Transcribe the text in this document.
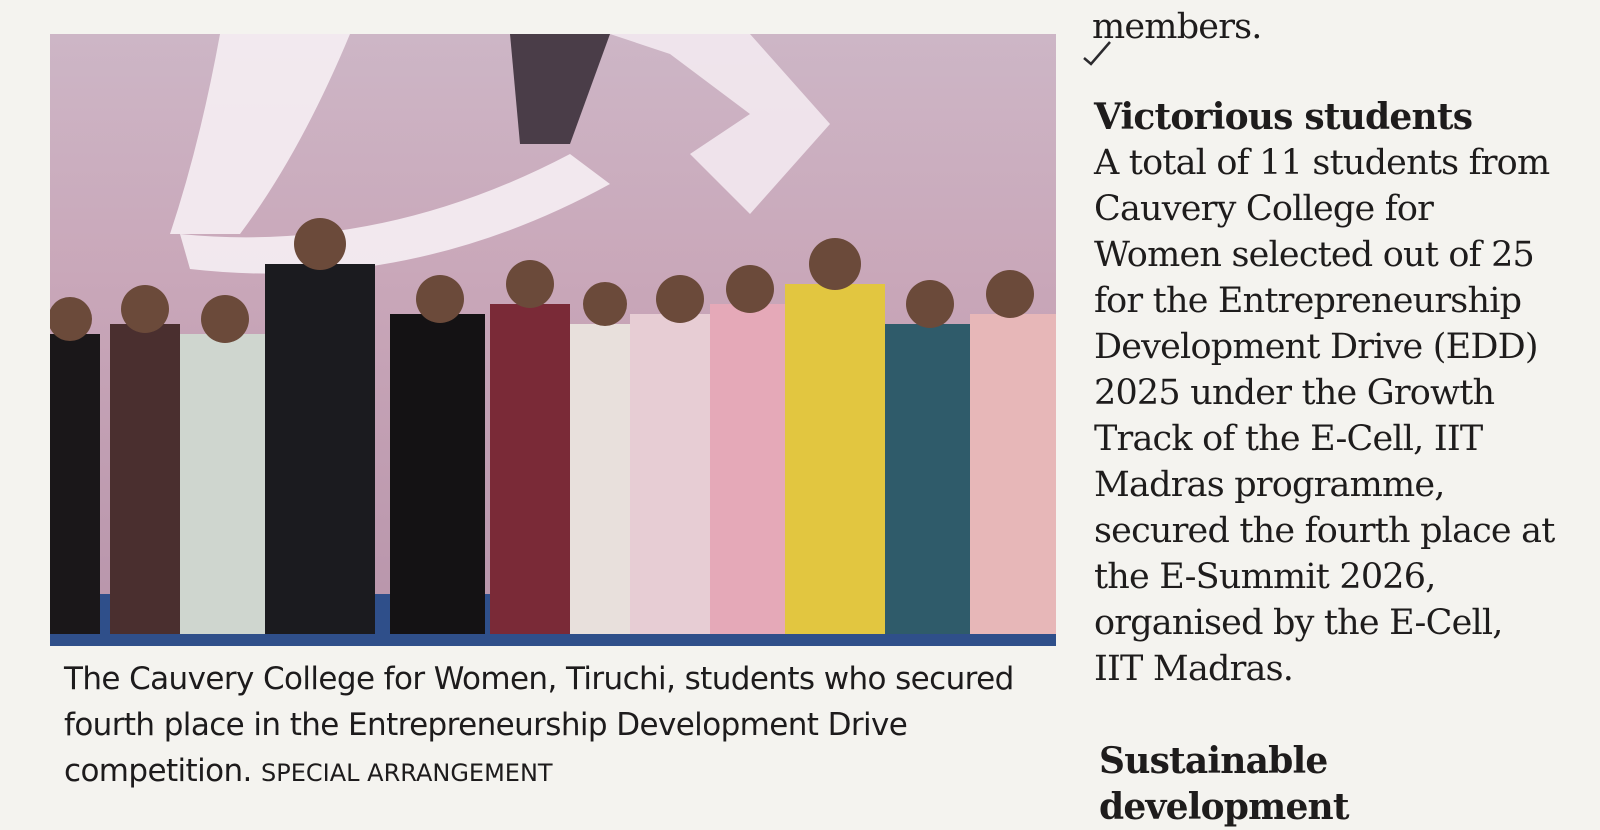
The Cauvery College for Women, Tiruchi, students who secured
fourth place in the Entrepreneurship Development Drive
competition. SPECIAL ARRANGEMENT
members.
Victorious students
A total of 11 students from
Cauvery College for
Women selected out of 25
for the Entrepreneurship
Development Drive (EDD)
2025 under the Growth
Track of the E-Cell, IIT
Madras programme,
secured the fourth place at
the E-Summit 2026,
organised by the E-Cell,
IIT Madras.
Sustainable
development
